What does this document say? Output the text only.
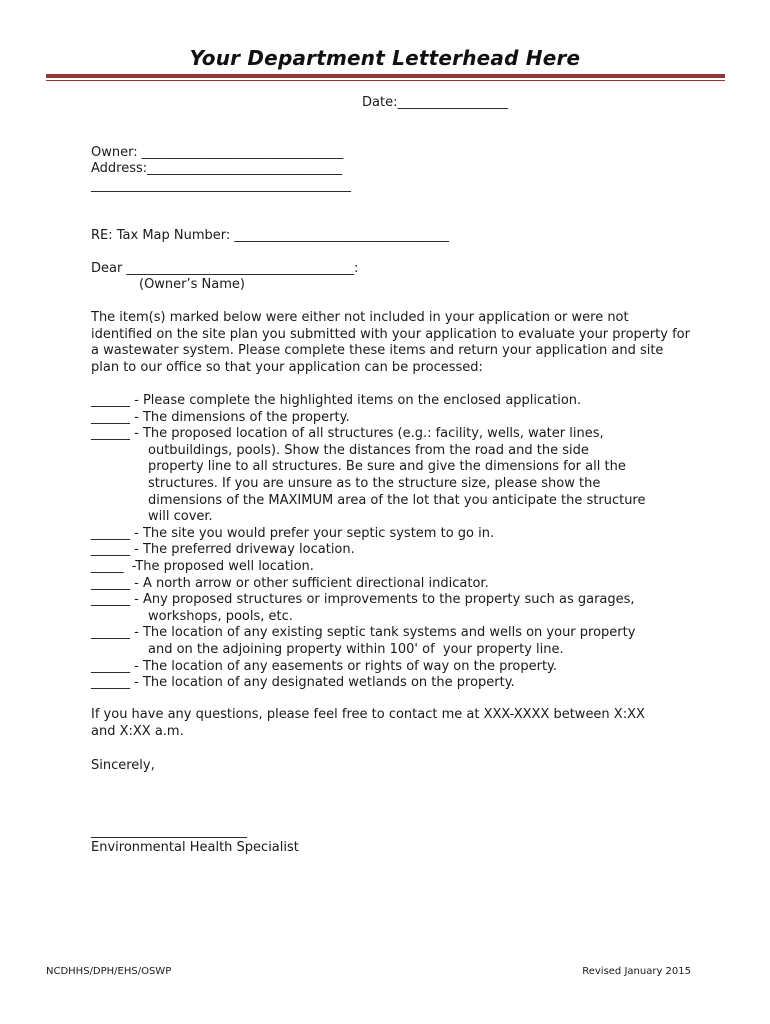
Your Department Letterhead Here
Date:_________________
Owner: _______________________________
Address:______________________________
________________________________________
RE: Tax Map Number: _________________________________
Dear ___________________________________:
(Owner’s Name)
The item(s) marked below were either not included in your application or were not identified on the site plan you submitted with your application to evaluate your property for a wastewater system. Please complete these items and return your application and site plan to our office so that your application can be processed:
______ - Please complete the highlighted items on the enclosed application.
______ - The dimensions of the property.
______ - The proposed location of all structures (e.g.: facility, wells, water lines,
outbuildings, pools). Show the distances from the road and the side
property line to all structures. Be sure and give the dimensions for all the
structures. If you are unsure as to the structure size, please show the
dimensions of the MAXIMUM area of the lot that you anticipate the structure
will cover.
______ - The site you would prefer your septic system to go in.
______ - The preferred driveway location.
_____  -The proposed well location.
______ - A north arrow or other sufficient directional indicator.
______ - Any proposed structures or improvements to the property such as garages,
workshops, pools, etc.
______ - The location of any existing septic tank systems and wells on your property
and on the adjoining property within 100' of  your property line.
______ - The location of any easements or rights of way on the property.
______ - The location of any designated wetlands on the property.
If you have any questions, please feel free to contact me at XXX-XXXX between X:XX and X:XX a.m.
Sincerely,
________________________
Environmental Health Specialist
NCDHHS/DPH/EHS/OSWP	Revised January 2015
